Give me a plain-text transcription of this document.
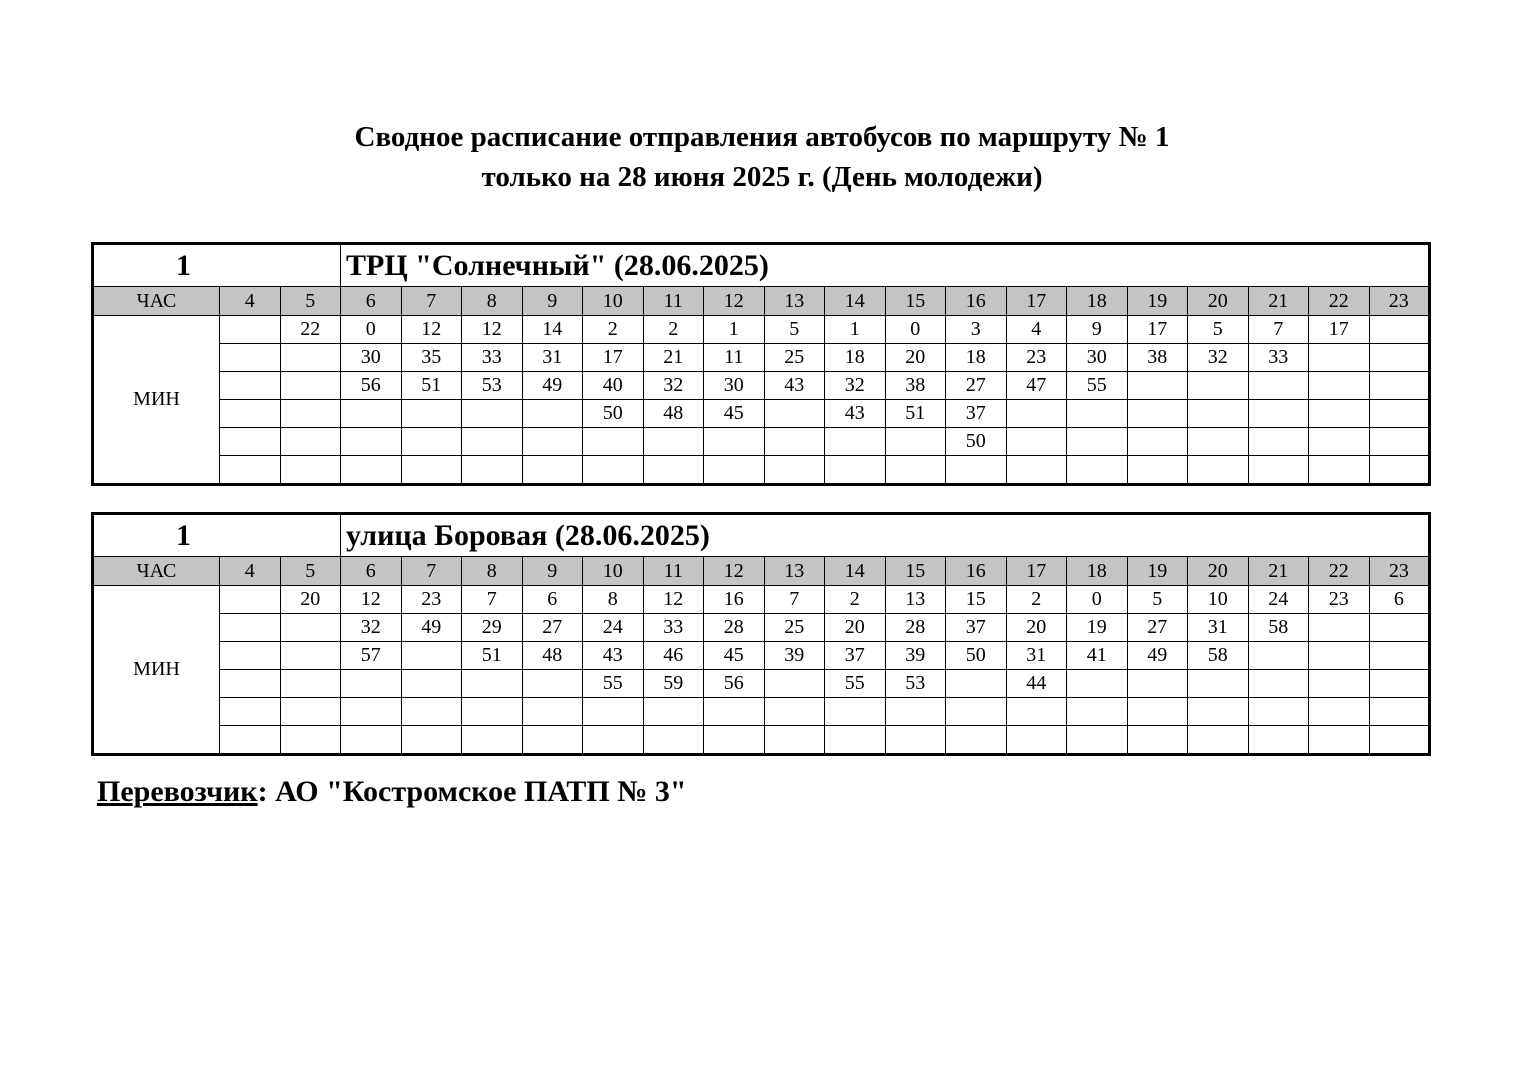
Сводное расписание отправления автобусов по маршруту № 1
только на 28 июня 2025 г. (День молодежи)
1			ТРЦ "Солнечный" (28.06.2025)																	
ЧАС	4	5	6	7	8	9	10	11	12	13	14	15	16	17	18	19	20	21	22	23
МИН		22	0	12	12	14	2	2	1	5	1	0	3	4	9	17	5	7	17	
			30	35	33	31	17	21	11	25	18	20	18	23	30	38	32	33		
			56	51	53	49	40	32	30	43	32	38	27	47	55					
							50	48	45		43	51	37							
													50							

1			улица Боровая (28.06.2025)																	
ЧАС	4	5	6	7	8	9	10	11	12	13	14	15	16	17	18	19	20	21	22	23
МИН		20	12	23	7	6	8	12	16	7	2	13	15	2	0	5	10	24	23	6
			32	49	29	27	24	33	28	25	20	28	37	20	19	27	31	58		
			57		51	48	43	46	45	39	37	39	50	31	41	49	58			
							55	59	56		55	53		44						

Перевозчик: АО "Костромское ПАТП № 3"
